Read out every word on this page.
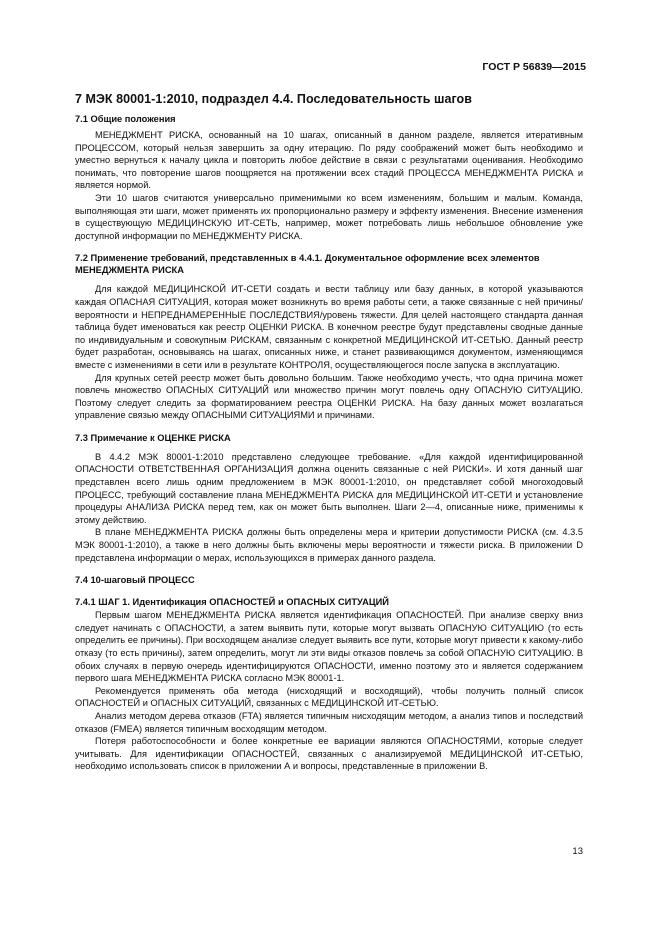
ГОСТ Р 56839—2015
7 МЭК 80001-1:2010, подраздел 4.4. Последовательность шагов
7.1 Общие положения

МЕНЕДЖМЕНТ РИСКА, основанный на 10 шагах, описанный в данном разделе, является итеративным ПРОЦЕССОМ, который нельзя завершить за одну итерацию. По ряду соображений может быть необходимо и уместно вернуться к началу цикла и повторить любое действие в связи с результатами оценивания. Необходимо понимать, что повторение шагов поощряется на протяжении всех стадий ПРОЦЕССА МЕНЕДЖМЕНТА РИСКА и является нормой.

Эти 10 шагов считаются универсально применимыми ко всем изменениям, большим и малым. Команда, выполняющая эти шаги, может применять их пропорционально размеру и эффекту изменения. Внесение изменения в существующую МЕДИЦИНСКУЮ ИТ-СЕТЬ, например, может потребовать лишь небольшое обновление уже доступной информации по МЕНЕДЖМЕНТУ РИСКА.

7.2 Применение требований, представленных в 4.4.1. Документальное оформление всех элементов МЕНЕДЖМЕНТА РИСКА

Для каждой МЕДИЦИНСКОЙ ИТ-СЕТИ создать и вести таблицу или базу данных, в которой указываются каждая ОПАСНАЯ СИТУАЦИЯ, которая может возникнуть во время работы сети, а также связанные с ней причины/вероятности и НЕПРЕДНАМЕРЕННЫЕ ПОСЛЕДСТВИЯ/уровень тяжести. Для целей настоящего стандарта данная таблица будет именоваться как реестр ОЦЕНКИ РИСКА. В конечном реестре будут представлены сводные данные по индивидуальным и совокупным РИСКАМ, связанным с конкретной МЕДИЦИНСКОЙ ИТ-СЕТЬЮ. Данный реестр будет разработан, основываясь на шагах, описанных ниже, и станет развивающимся документом, изменяющимся вместе с изменениями в сети или в результате КОНТРОЛЯ, осуществляющегося после запуска в эксплуатацию.

Для крупных сетей реестр может быть довольно большим. Также необходимо учесть, что одна причина может повлечь множество ОПАСНЫХ СИТУАЦИЙ или множество причин могут повлечь одну ОПАСНУЮ СИТУАЦИЮ. Поэтому следует следить за форматированием реестра ОЦЕНКИ РИСКА. На базу данных может возлагаться управление связью между ОПАСНЫМИ СИТУАЦИЯМИ и причинами.

7.3 Примечание к ОЦЕНКЕ РИСКА

В 4.4.2 МЭК 80001-1:2010 представлено следующее требование. «Для каждой идентифицированной ОПАСНОСТИ ОТВЕТСТВЕННАЯ ОРГАНИЗАЦИЯ должна оценить связанные с ней РИСКИ». И хотя данный шаг представлен всего лишь одним предложением в МЭК 80001-1:2010, он представляет собой многоходовый ПРОЦЕСС, требующий составление плана МЕНЕДЖМЕНТА РИСКА для МЕДИЦИНСКОЙ ИТ-СЕТИ и установление процедуры АНАЛИЗА РИСКА перед тем, как он может быть выполнен. Шаги 2—4, описанные ниже, применимы к этому действию.

В плане МЕНЕДЖМЕНТА РИСКА должны быть определены мера и критерии допустимости РИСКА (см. 4.3.5 МЭК 80001-1:2010), а также в него должны быть включены меры вероятности и тяжести риска. В приложении D представлена информации о мерах, использующихся в примерах данного раздела.

7.4 10-шаговый ПРОЦЕСС
7.4.1 ШАГ 1. Идентификация ОПАСНОСТЕЙ и ОПАСНЫХ СИТУАЦИЙ

Первым шагом МЕНЕДЖМЕНТА РИСКА является идентификация ОПАСНОСТЕЙ. При анализе сверху вниз следует начинать с ОПАСНОСТИ, а затем выявить пути, которые могут вызвать ОПАСНУЮ СИТУАЦИЮ (то есть определить ее причины). При восходящем анализе следует выявить все пути, которые могут привести к какому-либо отказу (то есть причины), затем определить, могут ли эти виды отказов повлечь за собой ОПАСНУЮ СИТУАЦИЮ. В обоих случаях в первую очередь идентифицируются ОПАСНОСТИ, именно поэтому это и является содержанием первого шага МЕНЕДЖМЕНТА РИСКА согласно МЭК 80001-1.

Рекомендуется применять оба метода (нисходящий и восходящий), чтобы получить полный список ОПАСНОСТЕЙ и ОПАСНЫХ СИТУАЦИЙ, связанных с МЕДИЦИНСКОЙ ИТ-СЕТЬЮ.

Анализ методом дерева отказов (FTA) является типичным нисходящим методом, а анализ типов и последствий отказов (FMEA) является типичным восходящим методом.

Потеря работоспособности и более конкретные ее вариации являются ОПАСНОСТЯМИ, которые следует учитывать. Для идентификации ОПАСНОСТЕЙ, связанных с анализируемой МЕДИЦИНСКОЙ ИТ-СЕТЬЮ, необходимо использовать список в приложении А и вопросы, представленные в приложении В.

13
